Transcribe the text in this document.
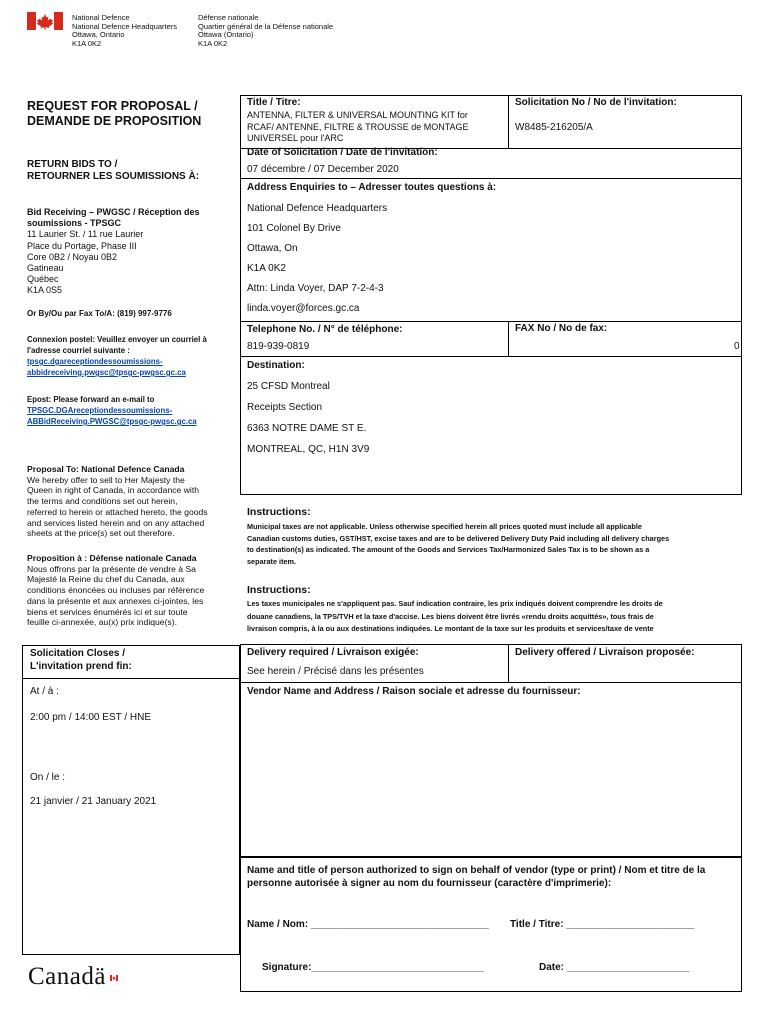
National Defence
National Defence Headquarters
Ottawa, Ontario
K1A 0K2
Défense nationale
Quartier général de la Défense nationale
Ottawa (Ontario)
K1A 0K2
REQUEST FOR PROPOSAL /
DEMANDE DE PROPOSITION
RETURN BIDS TO /
RETOURNER LES SOUMISSIONS À:
Bid Receiving – PWGSC / Réception des
soumissions - TPSGC
11 Laurier St. / 11 rue Laurier
Place du Portage, Phase III
Core 0B2 / Noyau 0B2
Gatineau
Québec
K1A 0S5
Or By/Ou par Fax To/A: (819) 997-9776
Connexion postel: Veuillez envoyer un courriel à
l'adresse courriel suivante :
tpsgc.dgareceptiondessoumissions-
abbidreceiving.pwgsc@tpsgc-pwgsc.gc.ca
Epost: Please forward an e-mail to
TPSGC.DGAreceptiondessoumissions-
ABBidReceiving.PWGSC@tpsgc-pwgsc.gc.ca
Proposal To: National Defence Canada
We hereby offer to sell to Her Majesty the
Queen in right of Canada, in accordance with
the terms and conditions set out herein,
referred to herein or attached hereto, the goods
and services listed herein and on any attached
sheets at the price(s) set out therefore.
Proposition à : Défense nationale Canada
Nous offrons par la présente de vendre à Sa
Majesté la Reine du chef du Canada, aux
conditions énoncées ou incluses par référence
dans la présente et aux annexes ci-jointes, les
biens et services énumérés ici et sur toute
feuille ci-annexée, au(x) prix indique(s).
Solicitation Closes /
L'invitation prend fin:
At / à :
2:00 pm / 14:00 EST / HNE
On / le :
21 janvier / 21 January 2021
Title / Titre:
ANTENNA, FILTER & UNIVERSAL MOUNTING KIT for
RCAF/ ANTENNE, FILTRE & TROUSSE de MONTAGE
UNIVERSEL pour l'ARC
Solicitation No / No de l'invitation:
W8485-216205/A
Date of Solicitation / Date de l'invitation:
07 décembre / 07 December 2020
Address Enquiries to – Adresser toutes questions à:
National Defence Headquarters
101 Colonel By Drive
Ottawa, On
K1A 0K2
Attn: Linda Voyer, DAP 7-2-4-3
linda.voyer@forces.gc.ca
Telephone No. / N° de téléphone:
819-939-0819
FAX No / No de fax:
0
Destination:
25 CFSD Montreal
Receipts Section
6363 NOTRE DAME ST E.
MONTREAL, QC, H1N 3V9
Instructions:
Municipal taxes are not applicable. Unless otherwise specified herein all prices quoted must include all applicable
Canadian customs duties, GST/HST, excise taxes and are to be delivered Delivery Duty Paid including all delivery charges
to destination(s) as indicated. The amount of the Goods and Services Tax/Harmonized Sales Tax is to be shown as a
separate item.
Instructions:
Les taxes municipales ne s'appliquent pas. Sauf indication contraire, les prix indiqués doivent comprendre les droits de
douane canadiens, la TPS/TVH et la taxe d'accise. Les biens doivent être livrés «rendu droits acquittés», tous frais de
livraison compris, à la ou aux destinations indiquées. Le montant de la taxe sur les produits et services/taxe de vente
Delivery required / Livraison exigée:
See herein / Précisé dans les présentes
Delivery offered / Livraison proposée:
Vendor Name and Address / Raison sociale et adresse du fournisseur:
Name and title of person authorized to sign on behalf of vendor (type or print) / Nom et titre de la
personne autorisée à signer au nom du fournisseur (caractère d'imprimerie):
Name / Nom: ________________________________ Title / Titre: _______________________
Signature:_______________________________	Date: ______________________
Canadä
